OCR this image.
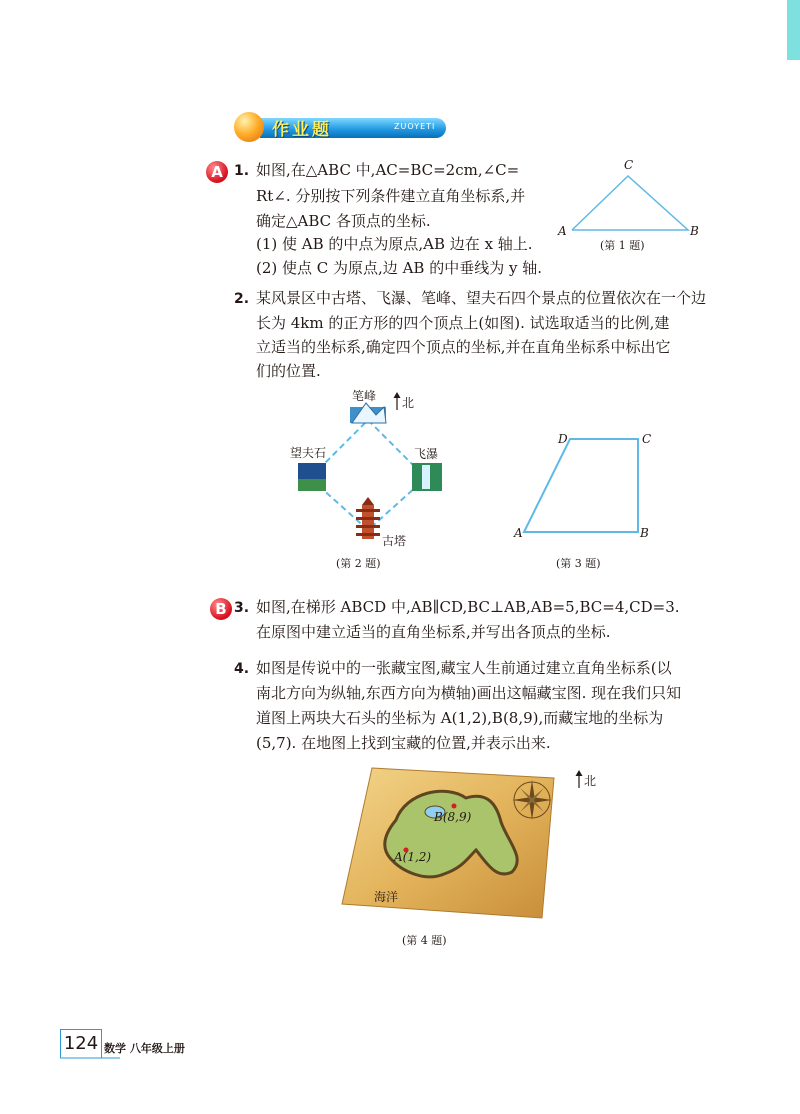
作业题	ZUOYETI
A 1. 如图,在△ABC 中,AC=BC=2cm,∠C=
Rt∠. 分别按下列条件建立直角坐标系,并
确定△ABC 各顶点的坐标.
(1) 使 AB 的中点为原点,AB 边在 x 轴上.
(2) 使点 C 为原点,边 AB 的中垂线为 y 轴.
C
A	B
(第 1 题)
2. 某风景区中古塔、飞瀑、笔峰、望夫石四个景点的位置依次在一个边
长为 4km 的正方形的四个顶点上(如图). 试选取适当的比例,建
立适当的坐标系,确定四个顶点的坐标,并在直角坐标系中标出它
们的位置.
北
笔峰
飞瀑
望夫石
古塔
(第 2 题)
D	C
A	B
(第 3 题)
B 3. 如图,在梯形 ABCD 中,AB∥CD,BC⊥AB,AB=5,BC=4,CD=3.
在原图中建立适当的直角坐标系,并写出各顶点的坐标.
4. 如图是传说中的一张藏宝图,藏宝人生前通过建立直角坐标系(以
南北方向为纵轴,东西方向为横轴)画出这幅藏宝图. 现在我们只知
道图上两块大石头的坐标为 A(1,2),B(8,9),而藏宝地的坐标为
(5,7). 在地图上找到宝藏的位置,并表示出来.
北
B(8,9)
A(1,2)
海洋
(第 4 题)
124 数学 八年级上册
